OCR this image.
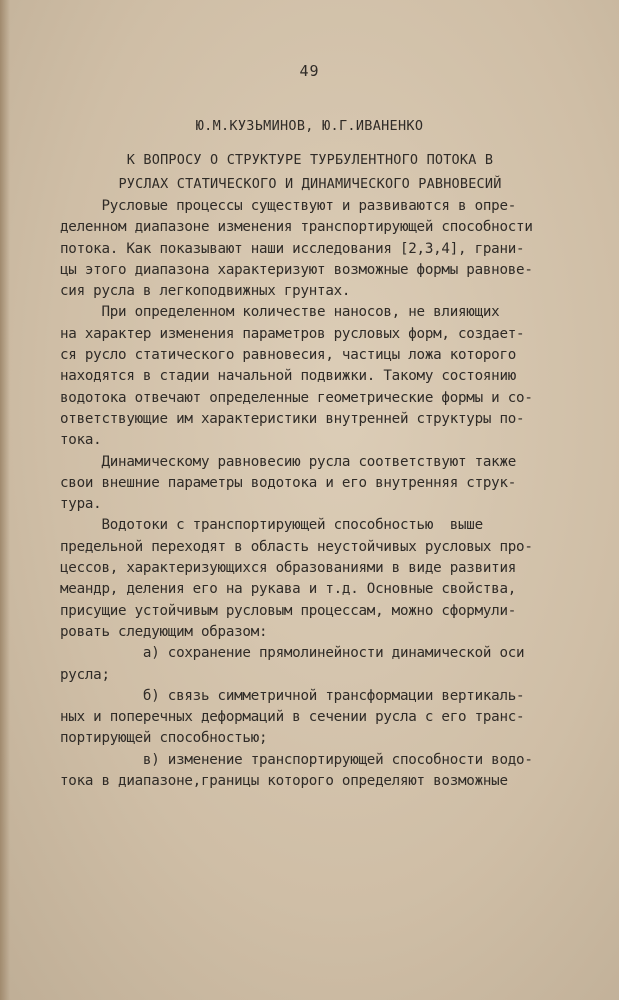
49
Ю.М.КУЗЬМИНОВ, Ю.Г.ИВАНЕНКО
К ВОПРОСУ О СТРУКТУРЕ ТУРБУЛЕНТНОГО ПОТОКА В
РУСЛАХ СТАТИЧЕСКОГО И ДИНАМИЧЕСКОГО РАВНОВЕСИЙ
Русловые процессы существуют и развиваются в опре-
деленном диапазоне изменения транспортирующей способности
потока. Как показывают наши исследования [2,3,4], грани-
цы этого диапазона характеризуют возможные формы равнове-
сия русла в легкоподвижных грунтах.
При определенном количестве наносов, не влияющих
на характер изменения параметров русловых форм, создает-
ся русло статического равновесия, частицы ложа которого
находятся в стадии начальной подвижки. Такому состоянию
водотока отвечают определенные геометрические формы и со-
ответствующие им характеристики внутренней структуры по-
тока.
Динамическому равновесию русла соответствуют также
свои внешние параметры водотока и его внутренняя струк-
тура.
Водотоки с транспортирующей способностью  выше
предельной переходят в область неустойчивых русловых про-
цессов, характеризующихся образованиями в виде развития
меандр, деления его на рукава и т.д. Основные свойства,
присущие устойчивым русловым процессам, можно сформули-
ровать следующим образом:
а) сохранение прямолинейности динамической оси
русла;
б) связь симметричной трансформации вертикаль-
ных и поперечных деформаций в сечении русла с его транс-
портирующей способностью;
в) изменение транспортирующей способности водо-
тока в диапазоне,границы которого определяют возможные
